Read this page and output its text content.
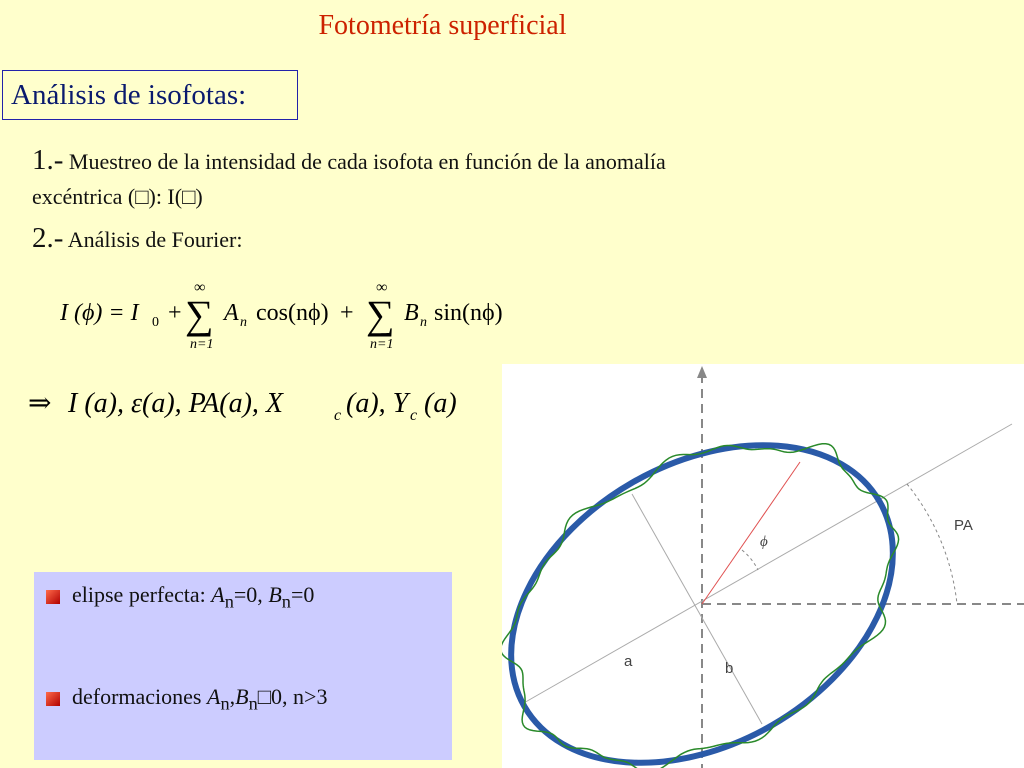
Fotometría superficial
Análisis de isofotas:
1.- Muestreo de la intensidad de cada isofota en función de la anomalía
excéntrica (□): I(□)
2.- Análisis de Fourier:
I (ϕ) = I 0 +
∞
∑
n=1
A n cos(nϕ) +
∞
∑
n=1
B n sin(nϕ)
⇒ I (a), ε(a), PA(a), X	c (a), Y c (a)
elipse perfecta: $A_n=0$, $B_n=0$
deformaciones $A_n,B_n□0$, n>3
PA
ϕ
a	b
